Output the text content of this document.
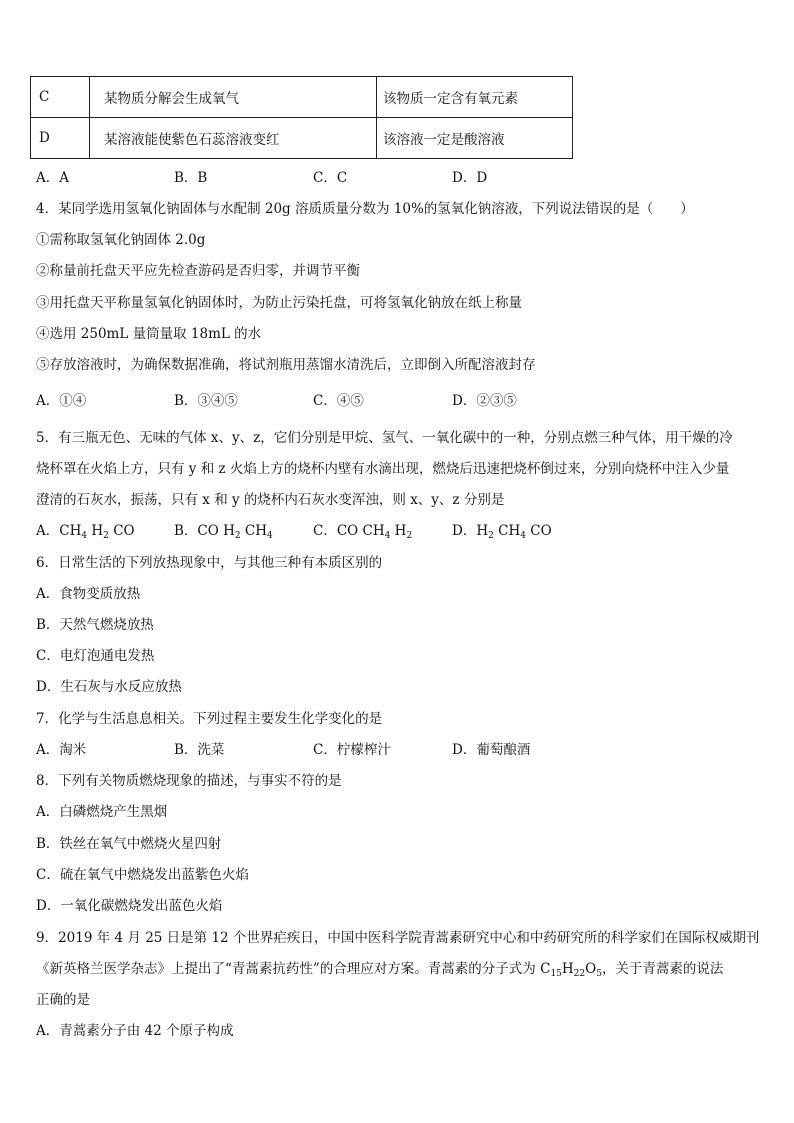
C	某物质分解会生成氧气	该物质一定含有氧元素
D	某溶液能使紫色石蕊溶液变红	该溶液一定是酸溶液
A．A	B．B	C．C	D．D
4．某同学选用氢氧化钠固体与水配制 20g 溶质质量分数为 10%的氢氧化钠溶液，下列说法错误的是（　　）
①需称取氢氧化钠固体 2.0g
②称量前托盘天平应先检查游码是否归零，并调节平衡
③用托盘天平称量氢氧化钠固体时，为防止污染托盘，可将氢氧化钠放在纸上称量
④选用 250mL 量筒量取 18mL 的水
⑤存放溶液时，为确保数据准确，将试剂瓶用蒸馏水清洗后，立即倒入所配溶液封存
A．①④	B．③④⑤	C．④⑤	D．②③⑤
5．有三瓶无色、无味的气体 x、y、z，它们分别是甲烷、氢气、一氧化碳中的一种，分别点燃三种气体，用干燥的冷
烧杯罩在火焰上方，只有 y 和 z 火焰上方的烧杯内壁有水滴出现，燃烧后迅速把烧杯倒过来，分别向烧杯中注入少量
澄清的石灰水，振荡，只有 x 和 y 的烧杯内石灰水变浑浊，则 x、y、z 分别是
A．$CH_4$ $H_2$ CO	B．CO $H_2$ $CH_4$	C．CO $CH_4$ $H_2$	D．$H_2$ $CH_4$ CO
6．日常生活的下列放热现象中，与其他三种有本质区别的
A．食物变质放热
B．天然气燃烧放热
C．电灯泡通电发热
D．生石灰与水反应放热
7．化学与生活息息相关。下列过程主要发生化学变化的是
A．淘米	B．洗菜	C．柠檬榨汁	D．葡萄酿酒
8．下列有关物质燃烧现象的描述，与事实不符的是
A．白磷燃烧产生黑烟
B．铁丝在氧气中燃烧火星四射
C．硫在氧气中燃烧发出蓝紫色火焰
D．一氧化碳燃烧发出蓝色火焰
9．2019 年 4 月 25 日是第 12 个世界疟疾日，中国中医科学院青蒿素研究中心和中药研究所的科学家们在国际权威期刊
《新英格兰医学杂志》上提出了“青蒿素抗药性”的合理应对方案。青蒿素的分子式为 $C_{15}H_{22}O_5$，关于青蒿素的说法
正确的是
A．青蒿素分子由 42 个原子构成
